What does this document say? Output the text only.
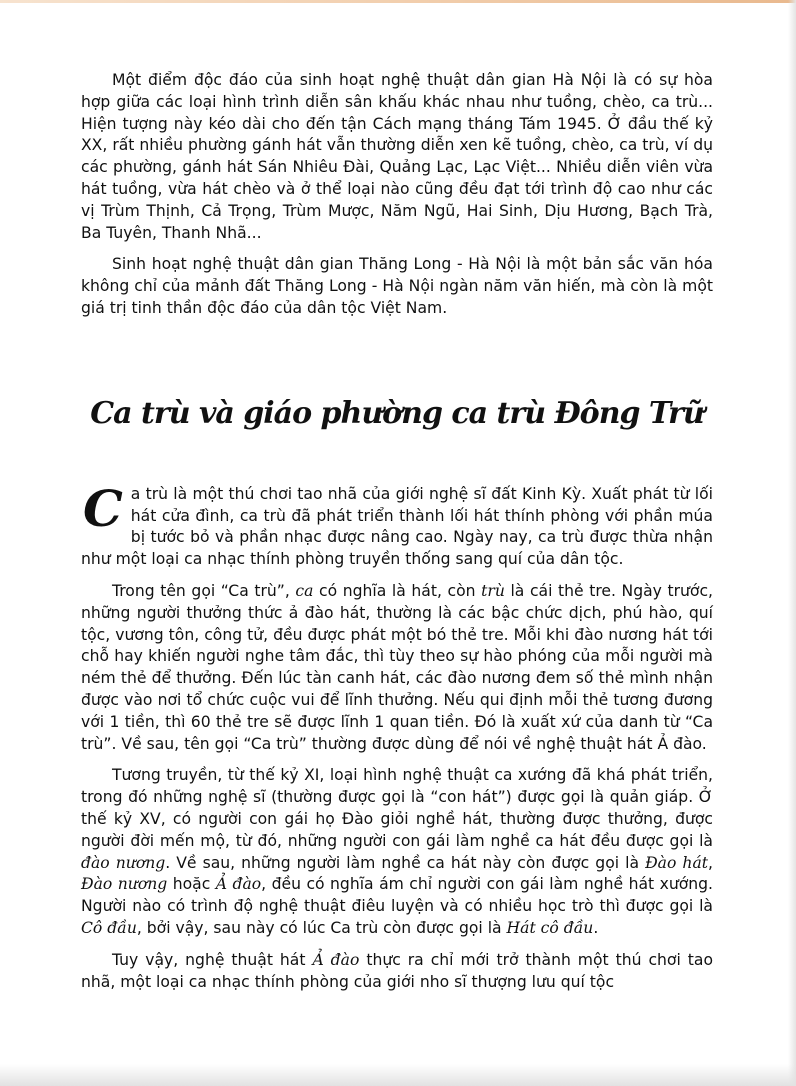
Một điểm độc đáo của sinh hoạt nghệ thuật dân gian Hà Nội là có sự hòa hợp giữa các loại hình trình diễn sân khấu khác nhau như tuồng, chèo, ca trù... Hiện tượng này kéo dài cho đến tận Cách mạng tháng Tám 1945. Ở đầu thế kỷ XX, rất nhiều phường gánh hát vẫn thường diễn xen kẽ tuồng, chèo, ca trù, ví dụ các phường, gánh hát Sán Nhiêu Đài, Quảng Lạc, Lạc Việt... Nhiều diễn viên vừa hát tuồng, vừa hát chèo và ở thể loại nào cũng đều đạt tới trình độ cao như các vị Trùm Thịnh, Cả Trọng, Trùm Mược, Năm Ngũ, Hai Sinh, Dịu Hương, Bạch Trà, Ba Tuyên, Thanh Nhã...

Sinh hoạt nghệ thuật dân gian Thăng Long - Hà Nội là một bản sắc văn hóa không chỉ của mảnh đất Thăng Long - Hà Nội ngàn năm văn hiến, mà còn là một giá trị tinh thần độc đáo của dân tộc Việt Nam.

Ca trù và giáo phường ca trù Đông Trữ

Ca trù là một thú chơi tao nhã của giới nghệ sĩ đất Kinh Kỳ. Xuất phát từ lối hát cửa đình, ca trù đã phát triển thành lối hát thính phòng với phần múa bị tước bỏ và phần nhạc được nâng cao. Ngày nay, ca trù được thừa nhận như một loại ca nhạc thính phòng truyền thống sang quí của dân tộc.

Trong tên gọi “Ca trù”, ca có nghĩa là hát, còn trù là cái thẻ tre. Ngày trước, những người thưởng thức ả đào hát, thường là các bậc chức dịch, phú hào, quí tộc, vương tôn, công tử, đều được phát một bó thẻ tre. Mỗi khi đào nương hát tới chỗ hay khiến người nghe tâm đắc, thì tùy theo sự hào phóng của mỗi người mà ném thẻ để thưởng. Đến lúc tàn canh hát, các đào nương đem số thẻ mình nhận được vào nơi tổ chức cuộc vui để lĩnh thưởng. Nếu qui định mỗi thẻ tương đương với 1 tiền, thì 60 thẻ tre sẽ được lĩnh 1 quan tiền. Đó là xuất xứ của danh từ “Ca trù”. Về sau, tên gọi “Ca trù” thường được dùng để nói về nghệ thuật hát Ả đào.

Tương truyền, từ thế kỷ XI, loại hình nghệ thuật ca xướng đã khá phát triển, trong đó những nghệ sĩ (thường được gọi là “con hát”) được gọi là quản giáp. Ở thế kỷ XV, có người con gái họ Đào giỏi nghề hát, thường được thưởng, được người đời mến mộ, từ đó, những người con gái làm nghề ca hát đều được gọi là đào nương. Về sau, những người làm nghề ca hát này còn được gọi là Đào hát, Đào nương hoặc Ả đào, đều có nghĩa ám chỉ người con gái làm nghề hát xướng. Người nào có trình độ nghệ thuật điêu luyện và có nhiều học trò thì được gọi là Cô đầu, bởi vậy, sau này có lúc Ca trù còn được gọi là Hát cô đầu.

Tuy vậy, nghệ thuật hát Ả đào thực ra chỉ mới trở thành một thú chơi tao nhã, một loại ca nhạc thính phòng của giới nho sĩ thượng lưu quí tộc
